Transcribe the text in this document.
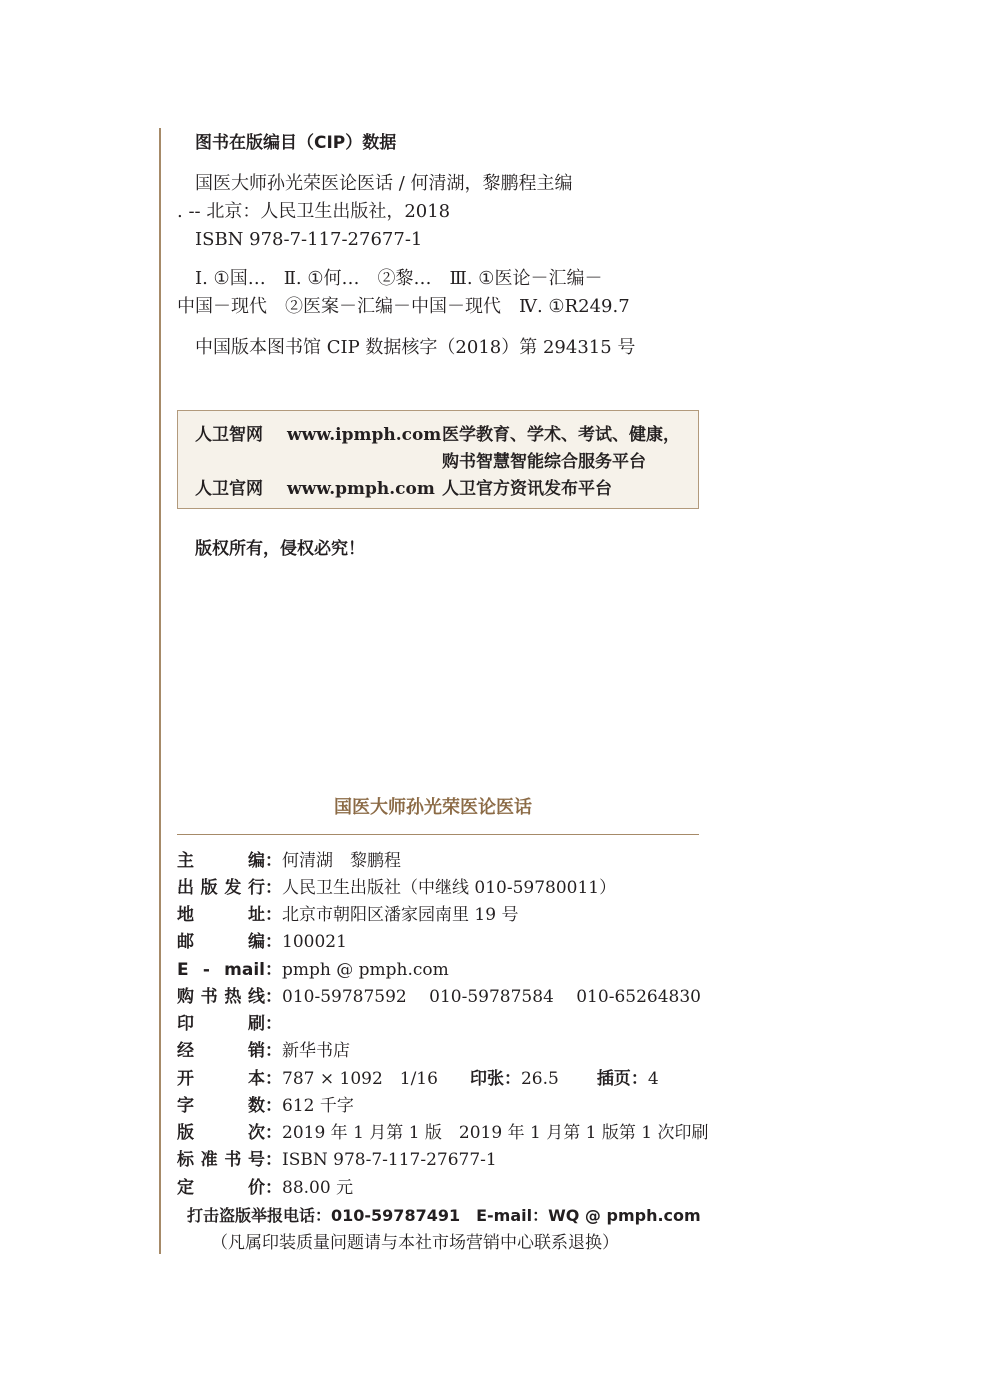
图书在版编目（CIP）数据
国医大师孙光荣医论医话 / 何清湖，黎鹏程主编
. -- 北京：人民卫生出版社，2018
ISBN 978-7-117-27677-1
Ⅰ. ①国…　Ⅱ. ①何…　②黎…　Ⅲ. ①医论－汇编－
中国－现代　②医案－汇编－中国－现代　Ⅳ. ①R249.7
中国版本图书馆 CIP 数据核字（2018）第 294315 号
人卫智网 www.ipmph.com 医学教育、学术、考试、健康，
购书智慧智能综合服务平台
人卫官网 www.pmph.com 人卫官方资讯发布平台
版权所有，侵权必究！
国医大师孙光荣医论医话
主编：何清湖　黎鹏程
出版发行：人民卫生出版社（中继线 010-59780011）
地址：北京市朝阳区潘家园南里 19 号
邮编：100021
E - mail：pmph @ pmph.com
购书热线：010-59787592　 010-59787584　 010-65264830
印刷：
经销：新华书店
开本：787 × 1092　1/16 印张：26.5 插页：4
字数：612 千字
版次：2019 年 1 月第 1 版　2019 年 1 月第 1 版第 1 次印刷
标准书号：ISBN 978-7-117-27677-1
定价：88.00 元
打击盗版举报电话：010-59787491　E-mail：WQ @ pmph.com
（凡属印装质量问题请与本社市场营销中心联系退换）
